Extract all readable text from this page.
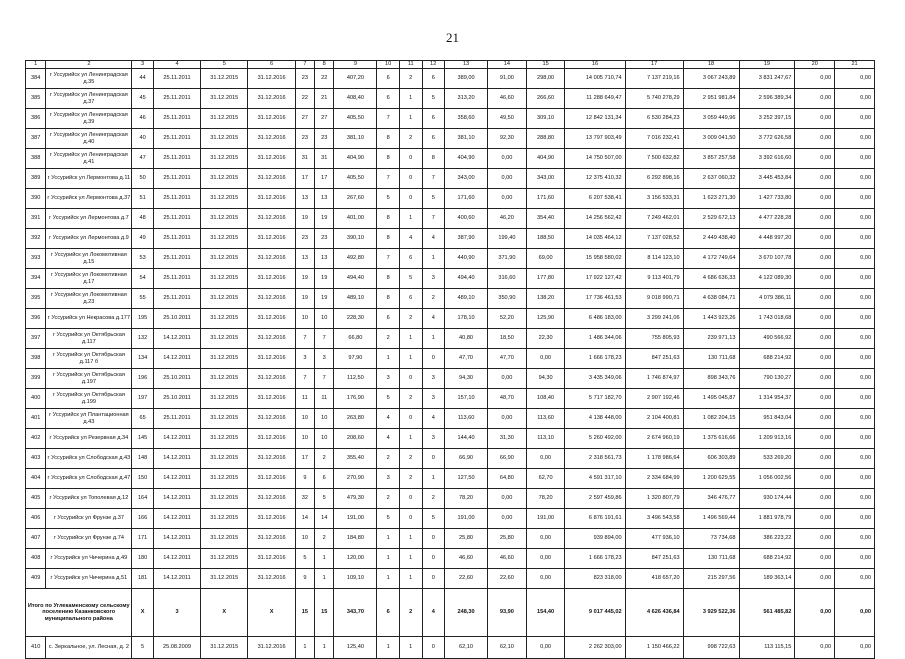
21
1	2	3	4	5	6	7	8	9	10	11	12	13	14	15	16	17	18	19	20	21
384	г Уссурийск ул Ленинградская д.35	44	25.11.2011	31.12.2015	31.12.2016	23	22	407,20	6	2	6	389,00	91,00	298,00	14 005 710,74	7 137 219,16	3 067 243,89	3 831 247,67	0,00	0,00
385	г Уссурийск ул Ленинградская д.37	45	25.11.2011	31.12.2015	31.12.2016	22	21	408,40	6	1	5	313,20	46,60	266,60	11 288 649,47	5 740 278,29	2 951 981,84	2 596 389,34	0,00	0,00
386	г Уссурийск ул Ленинградская д.39	46	25.11.2011	31.12.2015	31.12.2016	27	27	405,50	7	1	6	358,60	49,50	309,10	12 842 131,34	6 530 284,23	3 059 449,96	3 252 397,15	0,00	0,00
387	г Уссурийск ул Ленинградская д.40	40	25.11.2011	31.12.2015	31.12.2016	23	23	381,10	8	2	6	381,10	92,30	288,80	13 797 903,49	7 016 232,41	3 009 041,50	3 772 626,58	0,00	0,00
388	г Уссурийск ул Ленинградская д.41	47	25.11.2011	31.12.2015	31.12.2016	31	31	404,90	8	0	8	404,90	0,00	404,90	14 750 507,00	7 500 632,82	3 857 257,58	3 392 616,60	0,00	0,00
389	г Уссурийск ул Лермонтова д.11	50	25.11.2011	31.12.2015	31.12.2016	17	17	405,50	7	0	7	343,00	0,00	343,00	12 375 410,32	6 292 898,16	2 637 060,32	3 445 453,84	0,00	0,00
390	г Уссурийск ул Лермонтова д.37	51	25.11.2011	31.12.2015	31.12.2016	13	13	267,60	5	0	5	171,60	0,00	171,60	6 207 538,41	3 156 533,31	1 623 271,30	1 427 733,80	0,00	0,00
391	г Уссурийск ул Лермонтова д.7	48	25.11.2011	31.12.2015	31.12.2016	19	19	401,00	8	1	7	400,60	46,20	354,40	14 256 562,42	7 249 462,01	2 529 672,13	4 477 228,28	0,00	0,00
392	г Уссурийск ул Лермонтова д.9	49	25.11.2011	31.12.2015	31.12.2016	23	23	390,10	8	4	4	387,90	199,40	188,50	14 035 464,12	7 137 028,52	2 449 438,40	4 448 997,20	0,00	0,00
393	г Уссурийск ул Локомотивная д.15	53	25.11.2011	31.12.2015	31.12.2016	13	13	492,80	7	6	1	440,90	371,90	69,00	15 958 580,02	8 114 123,10	4 172 749,64	3 670 107,78	0,00	0,00
394	г Уссурийск ул Локомотивная д.17	54	25.11.2011	31.12.2015	31.12.2016	19	19	494,40	8	5	3	494,40	316,60	177,80	17 922 127,42	9 113 401,79	4 686 636,33	4 122 089,30	0,00	0,00
395	г Уссурийск ул Локомотивная д.23	55	25.11.2011	31.12.2015	31.12.2016	19	19	489,10	8	6	2	489,10	350,90	138,20	17 736 461,53	9 018 990,71	4 638 084,71	4 079 386,11	0,00	0,00
396	г Уссурийск ул Некрасова д.177	195	25.10.2011	31.12.2015	31.12.2016	10	10	228,30	6	2	4	178,10	52,20	125,90	6 486 183,00	3 299 241,06	1 443 923,26	1 743 018,68	0,00	0,00
397	г Уссурийск ул Октябрьская д.117	132	14.12.2011	31.12.2015	31.12.2016	7	7	66,80	2	1	1	40,80	18,50	22,30	1 486 344,06	755 805,93	239 971,13	490 566,92	0,00	0,00
398	г Уссурийск ул Октябрьская д.117 б	134	14.12.2011	31.12.2015	31.12.2016	3	3	97,90	1	1	0	47,70	47,70	0,00	1 666 178,23	847 251,63	130 711,68	688 214,92	0,00	0,00
399	г Уссурийск ул Октябрьская д.197	196	25.10.2011	31.12.2015	31.12.2016	7	7	112,50	3	0	3	94,30	0,00	94,30	3 435 349,06	1 746 874,97	898 343,76	790 130,27	0,00	0,00
400	г Уссурийск ул Октябрьская д.199	197	25.10.2011	31.12.2015	31.12.2016	11	11	176,90	5	2	3	157,10	48,70	108,40	5 717 182,70	2 907 192,46	1 495 045,87	1 314 954,37	0,00	0,00
401	г Уссурийск ул Плантационная д.43	65	25.11.2011	31.12.2015	31.12.2016	10	10	263,80	4	0	4	113,60	0,00	113,60	4 138 448,00	2 104 400,81	1 082 204,15	951 843,04	0,00	0,00
402	г Уссурийск ул Резервная д.34	145	14.12.2011	31.12.2015	31.12.2016	10	10	208,60	4	1	3	144,40	31,30	113,10	5 260 492,00	2 674 960,19	1 375 616,66	1 209 913,16	0,00	0,00
403	г Уссурийск ул Слободская д.43	148	14.12.2011	31.12.2015	31.12.2016	17	2	355,40	2	2	0	66,90	66,90	0,00	2 318 561,73	1 178 986,64	606 303,89	533 269,20	0,00	0,00
404	г Уссурийск ул Слободская д.47	150	14.12.2011	31.12.2015	31.12.2016	9	6	270,90	3	2	1	127,50	64,80	62,70	4 591 317,10	2 334 684,99	1 200 629,55	1 056 002,56	0,00	0,00
405	г Уссурийск ул Тополевая д.12	164	14.12.2011	31.12.2015	31.12.2016	32	5	479,30	2	0	2	78,20	0,00	78,20	2 597 459,86	1 320 807,79	346 476,77	930 174,44	0,00	0,00
406	г Уссурийск ул Фрунзе д.37	166	14.12.2011	31.12.2015	31.12.2016	14	14	191,00	5	0	5	191,00	0,00	191,00	6 876 191,61	3 496 543,58	1 496 569,44	1 881 978,79	0,00	0,00
407	г Уссурийск ул Фрунзе д.74	171	14.12.2011	31.12.2015	31.12.2016	10	2	184,80	1	1	0	25,80	25,80	0,00	939 894,00	477 936,10	73 734,68	386 223,22	0,00	0,00
408	г Уссурийск ул Чичерина д.49	180	14.12.2011	31.12.2015	31.12.2016	5	1	120,00	1	1	0	46,60	46,60	0,00	1 666 178,23	847 251,63	130 711,68	688 214,92	0,00	0,00
409	г Уссурийск ул Чичерина д.51	181	14.12.2011	31.12.2015	31.12.2016	9	1	109,10	1	1	0	22,60	22,60	0,00	823 318,00	418 657,20	215 297,56	189 363,14	0,00	0,00
Итого по Углекаменскому сельскому поселению Казанковского муниципального района		X	3	X	X	15	15	343,70	6	2	4	248,30	93,90	154,40	9 017 445,02	4 626 436,84	3 929 522,36	561 485,82	0,00	0,00
410	с. Зеркальное, ул. Лесная, д. 2	5	25.08.2009	31.12.2015	31.12.2016	1	1	125,40	1	1	0	62,10	62,10	0,00	2 262 303,00	1 150 466,22	998 722,63	113 115,15	0,00	0,00
